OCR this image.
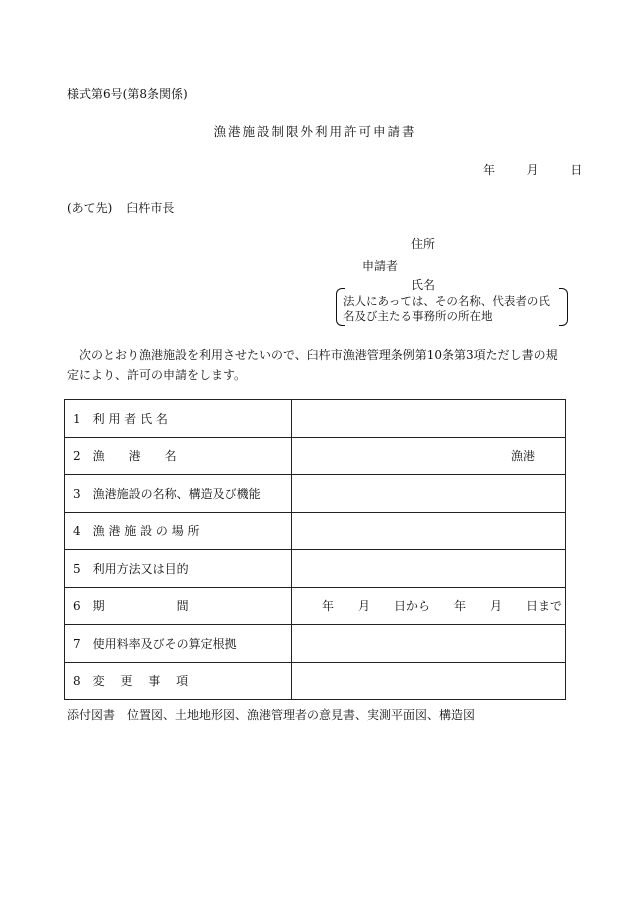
様式第6号(第8条関係)
漁港施設制限外利用許可申請書
年	月	日
(あて先) 臼杵市長
住所
申請者
氏名
法人にあっては、その名称、代表者の氏名及び主たる事務所の所在地
次のとおり漁港施設を利用させたいので、臼杵市漁港管理条例第10条第3項ただし書の規定により、許可の申請をします。
1　利 用 者 氏 名	
2　漁　　港　　名	漁港
3　漁港施設の名称、構造及び機能	
4　漁 港 施 設 の 場 所	
5　利用方法又は目的	
6　期　　　　　　間	年　　月　　日から　　年　　月　　日まで
7　使用料率及びその算定根拠	
8　変　 更　 事　 項	
添付図書　位置図、土地地形図、漁港管理者の意見書、実測平面図、構造図
